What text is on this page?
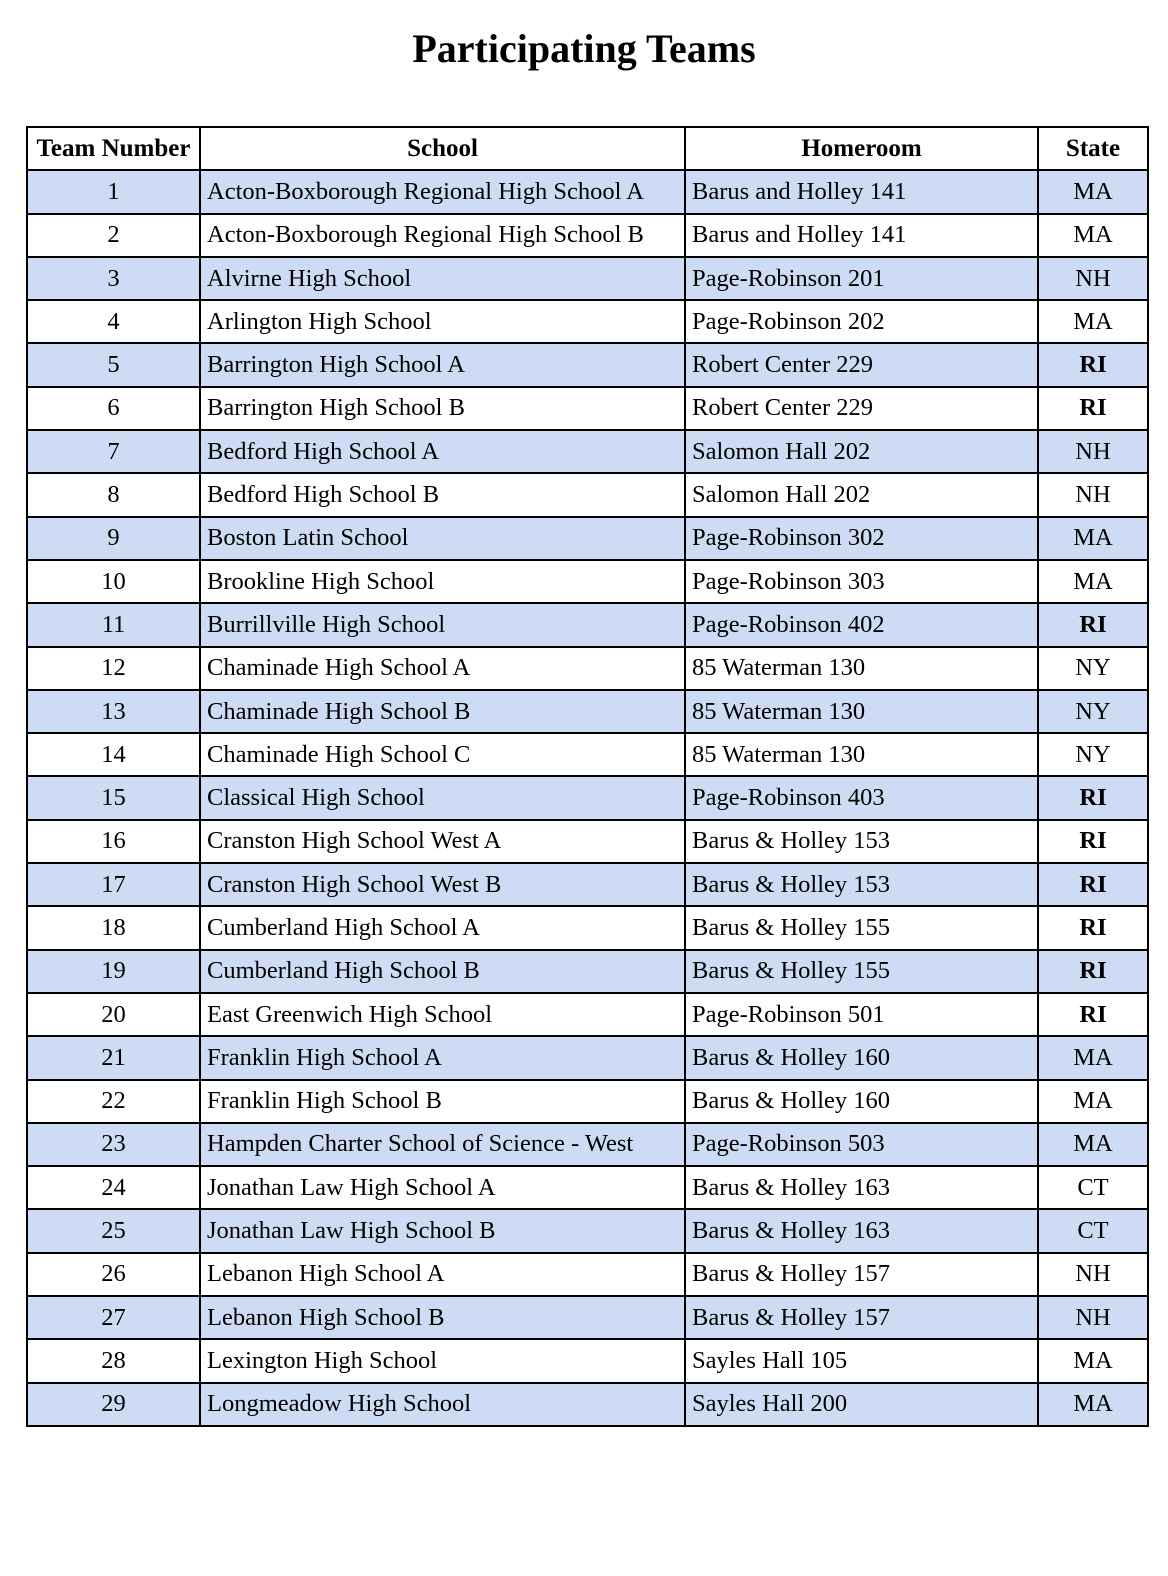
Participating Teams
Team Number	School	Homeroom	State
1	Acton-Boxborough Regional High School A	Barus and Holley 141	MA
2	Acton-Boxborough Regional High School B	Barus and Holley 141	MA
3	Alvirne High School	Page-Robinson 201	NH
4	Arlington High School	Page-Robinson 202	MA
5	Barrington High School A	Robert Center 229	RI
6	Barrington High School B	Robert Center 229	RI
7	Bedford High School A	Salomon Hall 202	NH
8	Bedford High School B	Salomon Hall 202	NH
9	Boston Latin School	Page-Robinson 302	MA
10	Brookline High School	Page-Robinson 303	MA
11	Burrillville High School	Page-Robinson 402	RI
12	Chaminade High School A	85 Waterman 130	NY
13	Chaminade High School B	85 Waterman 130	NY
14	Chaminade High School C	85 Waterman 130	NY
15	Classical High School	Page-Robinson 403	RI
16	Cranston High School West A	Barus & Holley 153	RI
17	Cranston High School West B	Barus & Holley 153	RI
18	Cumberland High School A	Barus & Holley 155	RI
19	Cumberland High School B	Barus & Holley 155	RI
20	East Greenwich High School	Page-Robinson 501	RI
21	Franklin High School A	Barus & Holley 160	MA
22	Franklin High School B	Barus & Holley 160	MA
23	Hampden Charter School of Science - West	Page-Robinson 503	MA
24	Jonathan Law High School A	Barus & Holley 163	CT
25	Jonathan Law High School B	Barus & Holley 163	CT
26	Lebanon High School A	Barus & Holley 157	NH
27	Lebanon High School B	Barus & Holley 157	NH
28	Lexington High School	Sayles Hall 105	MA
29	Longmeadow High School	Sayles Hall 200	MA
